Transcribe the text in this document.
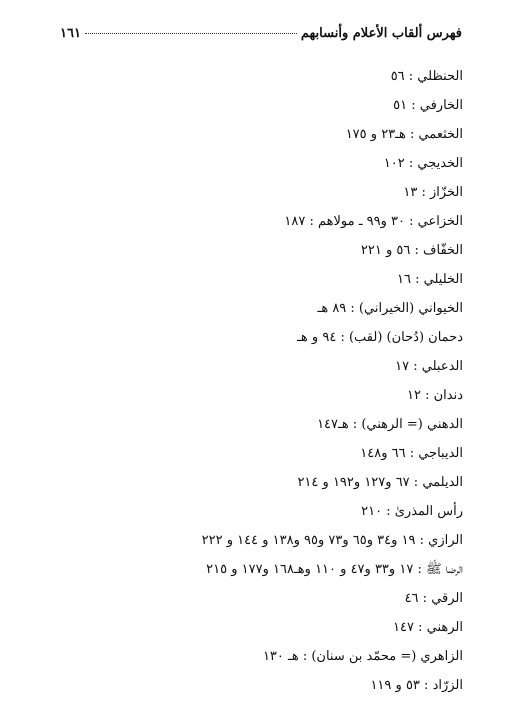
فهرس ألقاب الأعلام وأنسابهم
١٦١
الحنظلي : ٥٦
الخارفي : ٥١
الخثعمي : هـ٢٣ و ١٧٥
الخديجي : ١٠٢
الخزّاز : ١٣
الخزاعي : ٣٠ و٩٩ ـ مولاهم : ١٨٧
الخفّاف : ٥٦ و ٢٢١
الخليلي : ١٦
الخيواني (الخيراني) : ٨٩ هـ
دحمان (دُحان) (لقب) : ٩٤ و هـ
الدعبلي : ١٧
دندان : ١٢
الدهني (= الرهني) : هـ١٤٧
الديباجي : ٦٦ و١٤٨
الديلمي : ٦٧ و١٢٧ و١٩٢ و ٢١٤
رأس المذرىٰ : ٢١٠
الرازي : ١٩ و٣٤ و٦٥ و٧٣ و٩٥ و١٣٨ و ١٤٤ و ٢٢٢
الرضا ﷺ : ١٧ و٣٣ و٤٧ و ١١٠ وهـ١٦٨ و١٧٧ و ٢١٥
الرقي : ٤٦
الرهني : ١٤٧
الزاهري (= محمّد بن سنان) : هـ ١٣٠
الزرّاد : ٥٣ و ١١٩
